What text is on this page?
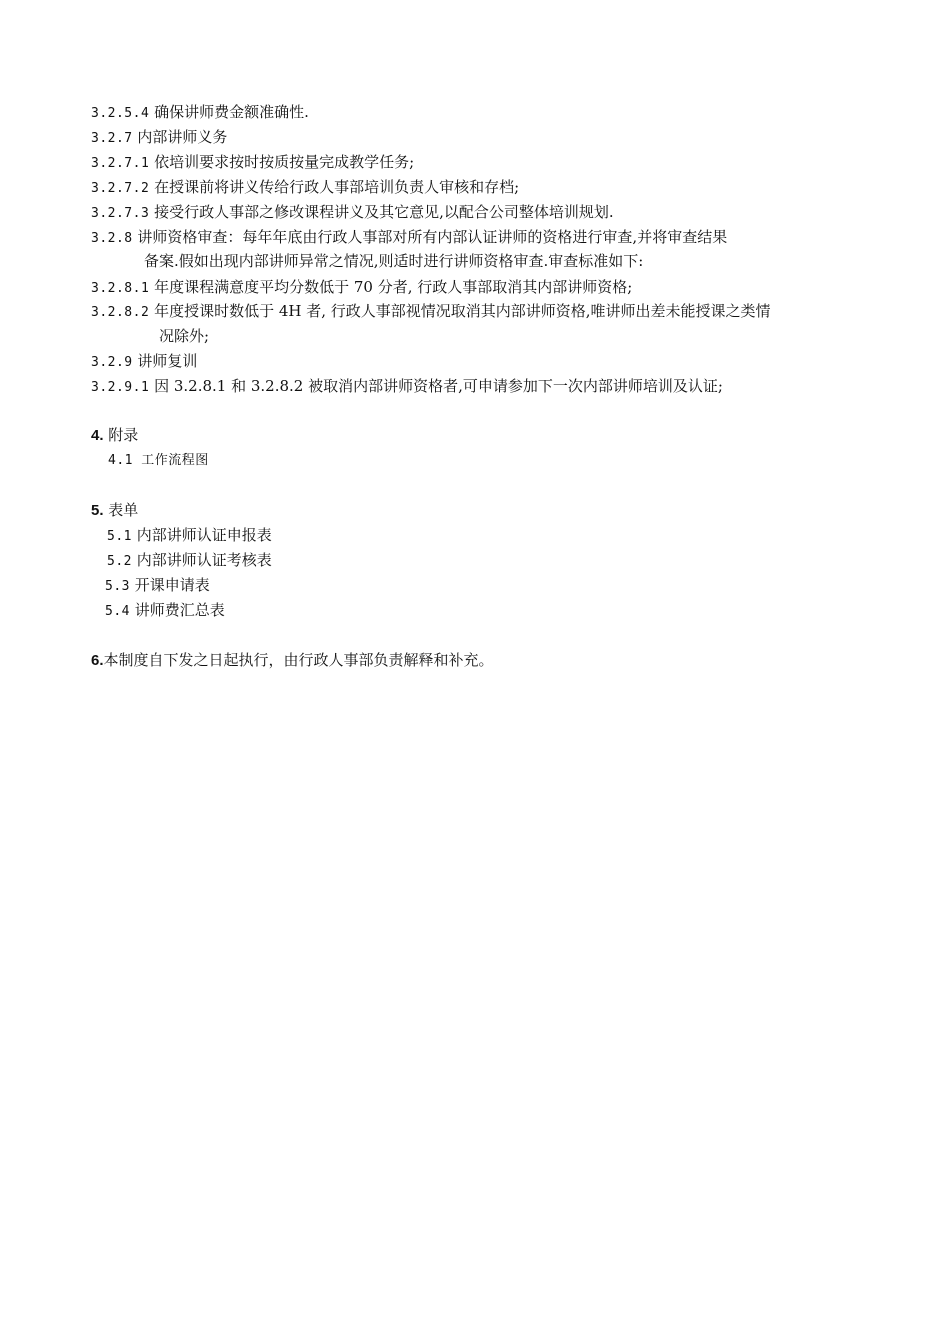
3.2.5.4 确保讲师费金额准确性.
3.2.7 内部讲师义务
3.2.7.1 依培训要求按时按质按量完成教学任务;
3.2.7.2 在授课前将讲义传给行政人事部培训负责人审核和存档;
3.2.7.3 接受行政人事部之修改课程讲义及其它意见,以配合公司整体培训规划.
3.2.8 讲师资格审查：每年年底由行政人事部对所有内部认证讲师的资格进行审查,并将审查结果
备案.假如出现内部讲师异常之情况,则适时进行讲师资格审查.审查标准如下:
3.2.8.1 年度课程满意度平均分数低于 70 分者, 行政人事部取消其内部讲师资格;
3.2.8.2 年度授课时数低于 4H 者, 行政人事部视情况取消其内部讲师资格,唯讲师出差未能授课之类情
况除外;
3.2.9 讲师复训
3.2.9.1 因 3.2.8.1 和 3.2.8.2 被取消内部讲师资格者,可申请参加下一次内部讲师培训及认证;
4. 附录
4.1 工作流程图
5. 表单
5.1 内部讲师认证申报表
5.2 内部讲师认证考核表
5.3 开课申请表
5.4 讲师费汇总表
6.本制度自下发之日起执行，由行政人事部负责解释和补充。
